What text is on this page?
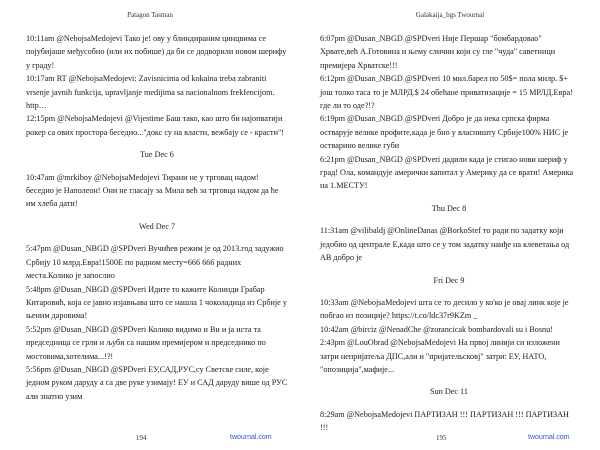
Patagon Tasman

10:11am @NebojsaMedojevi Тако је! ову у блиндираним цинцвима се појубијаше међусобно (или их побише) да би се додворили новом шерифу у граду!

10:17am RT @NebojsaMedojevi: Zavisnicima od kokaina treba zabraniti vrsenje javnih funkcija, upravljanje medijima sa nacionalnom frekfencijom. http…

12:15pm @NebojsaMedojevi @Vijestime Баш тако, као што би најопватији рокер са ових простора беседио..."докс су на власти, вежбају се - красти"!

Tue Dec 6

10:47am @mrkiboy @NebojsaMedojevi Тирани не у трговац надом! беседио је Наполеон! Они не гласају за Мила већ за трговца надом да ће им хлеба дати!

Wed Dec 7

5:47pm @Dusan_NBGD @SPDveri Вучићев режим је од 2013.год задужио Србију 10 млрд.Евра!1500Е по радном месту=666 666 радних места.Колико је запослио

5:48pm @Dusan_NBGD @SPDveri Идите то кажите Колинди Грабар Китаровић, која се јавно изјавњава што се нашла 1 чоколадица из Србије у њеним даровима!

5:52pm @Dusan_NBGD @SPDveri Колико видимо и Ви и ја иста та председница се грли и љуби са нашим премијером и председнико по мостовима,хотелима...!?!

5:56pm @Dusan_NBGD @SPDveri ЕУ,САД,РУС,су Светске силе, које једном руком даруду а са две руке узимају! ЕУ и САД даруду више од РУС али знатно узим

194	twournal.com
Galakaija_bgs Twournal

6:07pm @Dusan_NBGD @SPDveri Није Першар "бомбардовао" Хрвате,већ А.Готовина и њему слични који су гле "чуда" саветници премијера Хрватске!!!

6:12pm @Dusan_NBGD @SPDveri 10 мил.барел по 50$= пола милр. $+ још толко таса то је МЛРД.$ 24 обећане приватизације = 15 МРЛД.Евра! где ли то оде?!?

6:19pm @Dusan_NBGD @SPDveri Добро је да нека српска фирма остварује велике профите,када је бно у власништу Србије100% НИС је остварино велике губи

6:21pm @Dusan_NBGD @SPDveri дадили када је стигао нови шериф у град! Ола, командује амерички капитал у Америку да се врати! Америка на 1.МЕСТУ!

Thu Dec 8

11:31am @vilibaldj @OnlineDanas @BorkoStef то ради по задатку који једобио од централе Е,када што се у том задатку наиђе на клеветања од АВ добро је

Fri Dec 9

10:33am @NebojsaMedojevi шта се то десило у ко'ко је овај линк које је побгао из позиције? https://t.co/ldc37r9KZm _

10:42am @birciz @NenadChe @zorancicak bombardovali su i Bosnu!

2:43pm @LouObrad @NebojsaMedojevi На првој линији си изложени затри непријатеља ДПС,али и "приjательсковј" затри: ЕУ, НАТО, "опозиција",мафије...

Sun Dec 11

8:29am @NebojsaMedojevi ПАРТИЗАН !!! ПАРТИЗАН !!! ПАРТИЗАН !!!

195	twournal.com
